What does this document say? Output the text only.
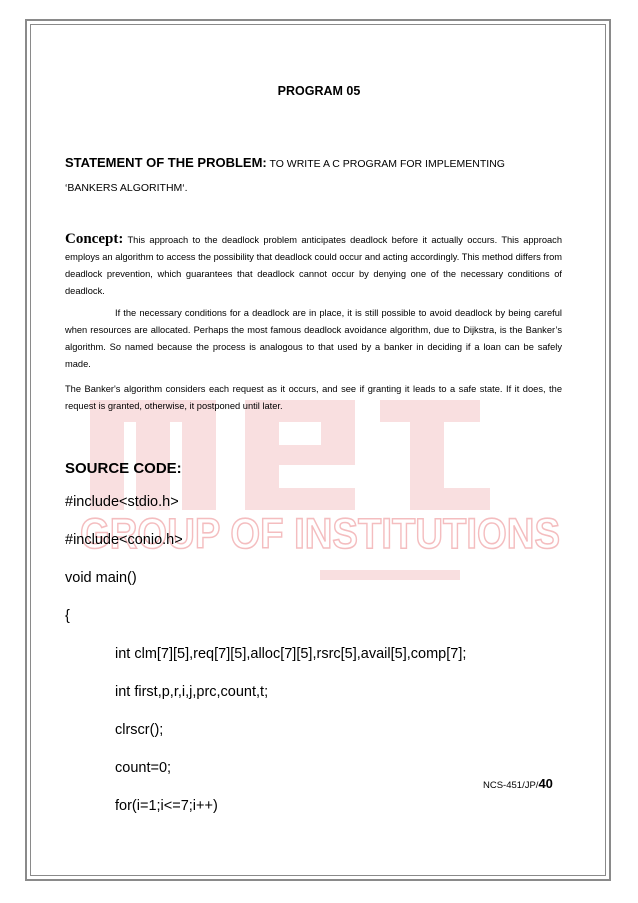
GROUP OF INSTITUTIONS
PROGRAM 05
STATEMENT OF THE PROBLEM: TO WRITE A C PROGRAM FOR IMPLEMENTING
‘BANKERS ALGORITHM‘.
Concept: This approach to the deadlock problem anticipates deadlock before it actually occurs. This approach employs an algorithm to access the possibility that deadlock could occur and acting accordingly. This method differs from deadlock prevention, which guarantees that deadlock cannot occur by denying one of the necessary conditions of deadlock.
If the necessary conditions for a deadlock are in place, it is still possible to avoid deadlock by being careful when resources are allocated. Perhaps the most famous deadlock avoidance algorithm, due to Dijkstra, is the Banker’s algorithm. So named because the process is analogous to that used by a banker in deciding if a loan can be safely made.
The Banker's algorithm considers each request as it occurs, and see if granting it leads to a safe state. If it does, the request is granted, otherwise, it postponed until later.
SOURCE CODE:
#include<stdio.h>
#include<conio.h>
void main()
{
int clm[7][5],req[7][5],alloc[7][5],rsrc[5],avail[5],comp[7];
int first,p,r,i,j,prc,count,t;
clrscr();
count=0;
for(i=1;i<=7;i++)
NCS-451/JP/40
